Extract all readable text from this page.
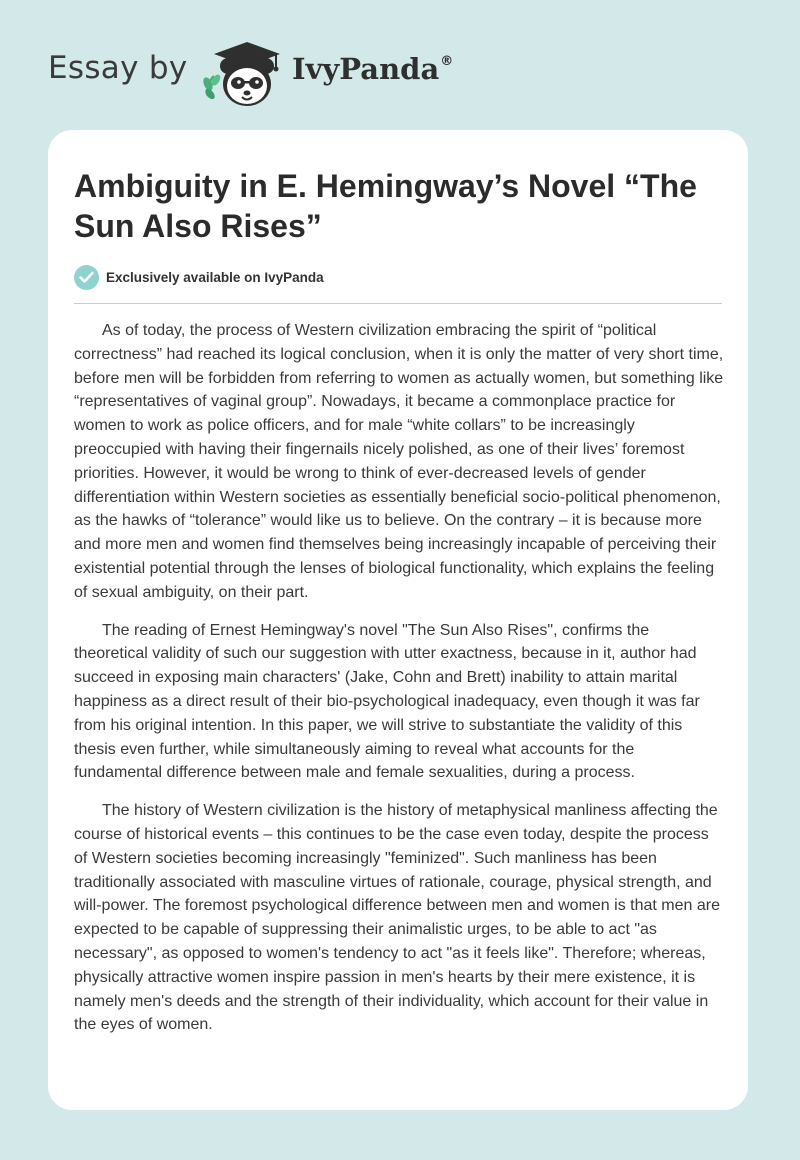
Essay by	IvyPanda®
Ambiguity in E. Hemingway’s Novel “The Sun Also Rises”
Exclusively available on IvyPanda

As of today, the process of Western civilization embracing the spirit of “political correctness” had reached its logical conclusion, when it is only the matter of very short time, before men will be forbidden from referring to women as actually women, but something like “representatives of vaginal group”. Nowadays, it became a commonplace practice for women to work as police officers, and for male “white collars” to be increasingly preoccupied with having their fingernails nicely polished, as one of their lives’ foremost priorities. However, it would be wrong to think of ever-decreased levels of gender differentiation within Western societies as essentially beneficial socio-political phenomenon, as the hawks of “tolerance” would like us to believe. On the contrary – it is because more and more men and women find themselves being increasingly incapable of perceiving their existential potential through the lenses of biological functionality, which explains the feeling of sexual ambiguity, on their part.

The reading of Ernest Hemingway's novel "The Sun Also Rises", confirms the theoretical validity of such our suggestion with utter exactness, because in it, author had succeed in exposing main characters' (Jake, Cohn and Brett) inability to attain marital happiness as a direct result of their bio-psychological inadequacy, even though it was far from his original intention. In this paper, we will strive to substantiate the validity of this thesis even further, while simultaneously aiming to reveal what accounts for the fundamental difference between male and female sexualities, during a process.

The history of Western civilization is the history of metaphysical manliness affecting the course of historical events – this continues to be the case even today, despite the process of Western societies becoming increasingly "feminized". Such manliness has been traditionally associated with masculine virtues of rationale, courage, physical strength, and will-power. The foremost psychological difference between men and women is that men are expected to be capable of suppressing their animalistic urges, to be able to act "as necessary", as opposed to women's tendency to act "as it feels like". Therefore; whereas, physically attractive women inspire passion in men's hearts by their mere existence, it is namely men's deeds and the strength of their individuality, which account for their value in the eyes of women.
